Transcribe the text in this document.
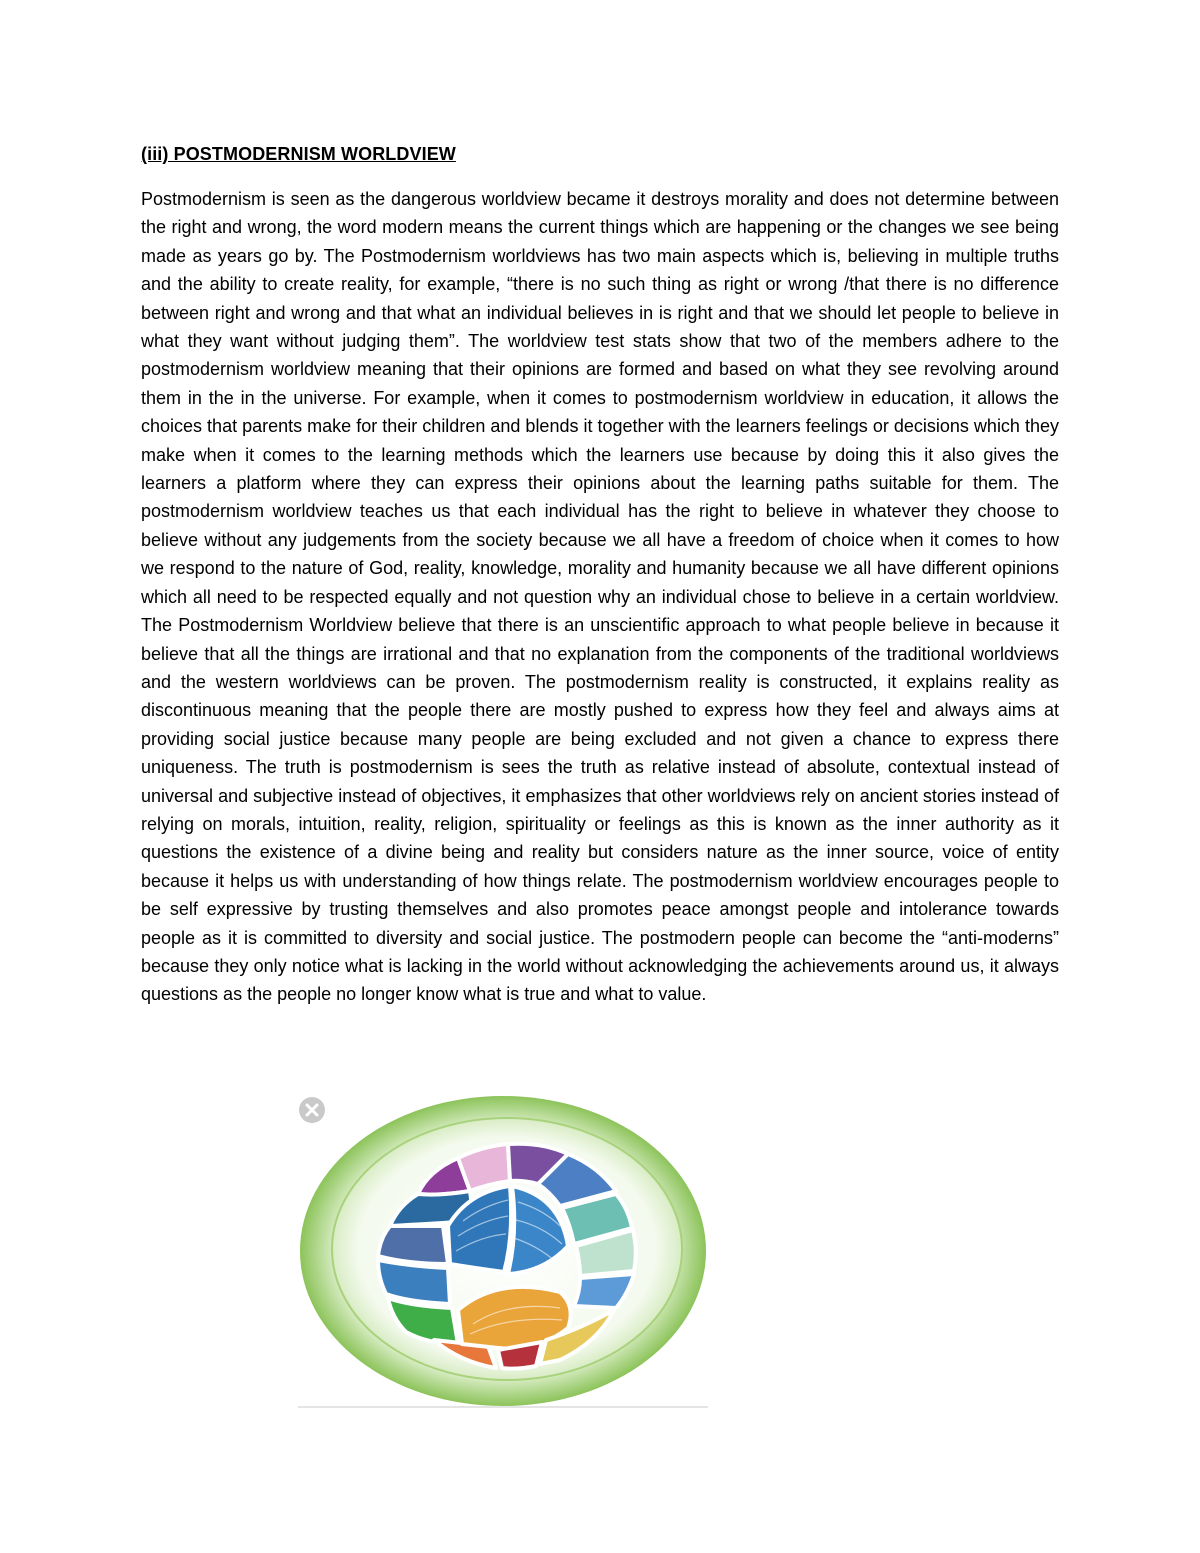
(iii) POSTMODERNISM WORLDVIEW

Postmodernism is seen as the dangerous worldview became it destroys morality and does not determine between the right and wrong, the word modern means the current things which are happening or the changes we see being made as years go by. The Postmodernism worldviews has two main aspects which is, believing in multiple truths and the ability to create reality, for example, “there is no such thing as right or wrong /that there is no difference between right and wrong and that what an individual believes in is right and that we should let people to believe in what they want without judging them”. The worldview test stats show that two of the members adhere to the postmodernism worldview meaning that their opinions are formed and based on what they see revolving around them in the in the universe. For example, when it comes to postmodernism worldview in education, it allows the choices that parents make for their children and blends it together with the learners feelings or decisions which they make when it comes to the learning methods which the learners use because by doing this it also gives the learners a platform where they can express their opinions about the learning paths suitable for them. The postmodernism worldview teaches us that each individual has the right to believe in whatever they choose to believe without any judgements from the society because we all have a freedom of choice when it comes to how we respond to the nature of God, reality, knowledge, morality and humanity because we all have different opinions which all need to be respected equally and not question why an individual chose to believe in a certain worldview. The Postmodernism Worldview believe that there is an unscientific approach to what people believe in because it believe that all the things are irrational and that no explanation from the components of the traditional worldviews and the western worldviews can be proven. The postmodernism reality is constructed, it explains reality as discontinuous meaning that the people there are mostly pushed to express how they feel and always aims at providing social justice because many people are being excluded and not given a chance to express there uniqueness. The truth is postmodernism is sees the truth as relative instead of absolute, contextual instead of universal and subjective instead of objectives, it emphasizes that other worldviews rely on ancient stories instead of relying on morals, intuition, reality, religion, spirituality or feelings as this is known as the inner authority as it questions the existence of a divine being and reality but considers nature as the inner source, voice of entity because it helps us with understanding of how things relate. The postmodernism worldview encourages people to be self expressive by trusting themselves and also promotes peace amongst people and intolerance towards people as it is committed to diversity and social justice. The postmodern people can become the “anti-moderns” because they only notice what is lacking in the world without acknowledging the achievements around us, it always questions as the people no longer know what is true and what to value.
